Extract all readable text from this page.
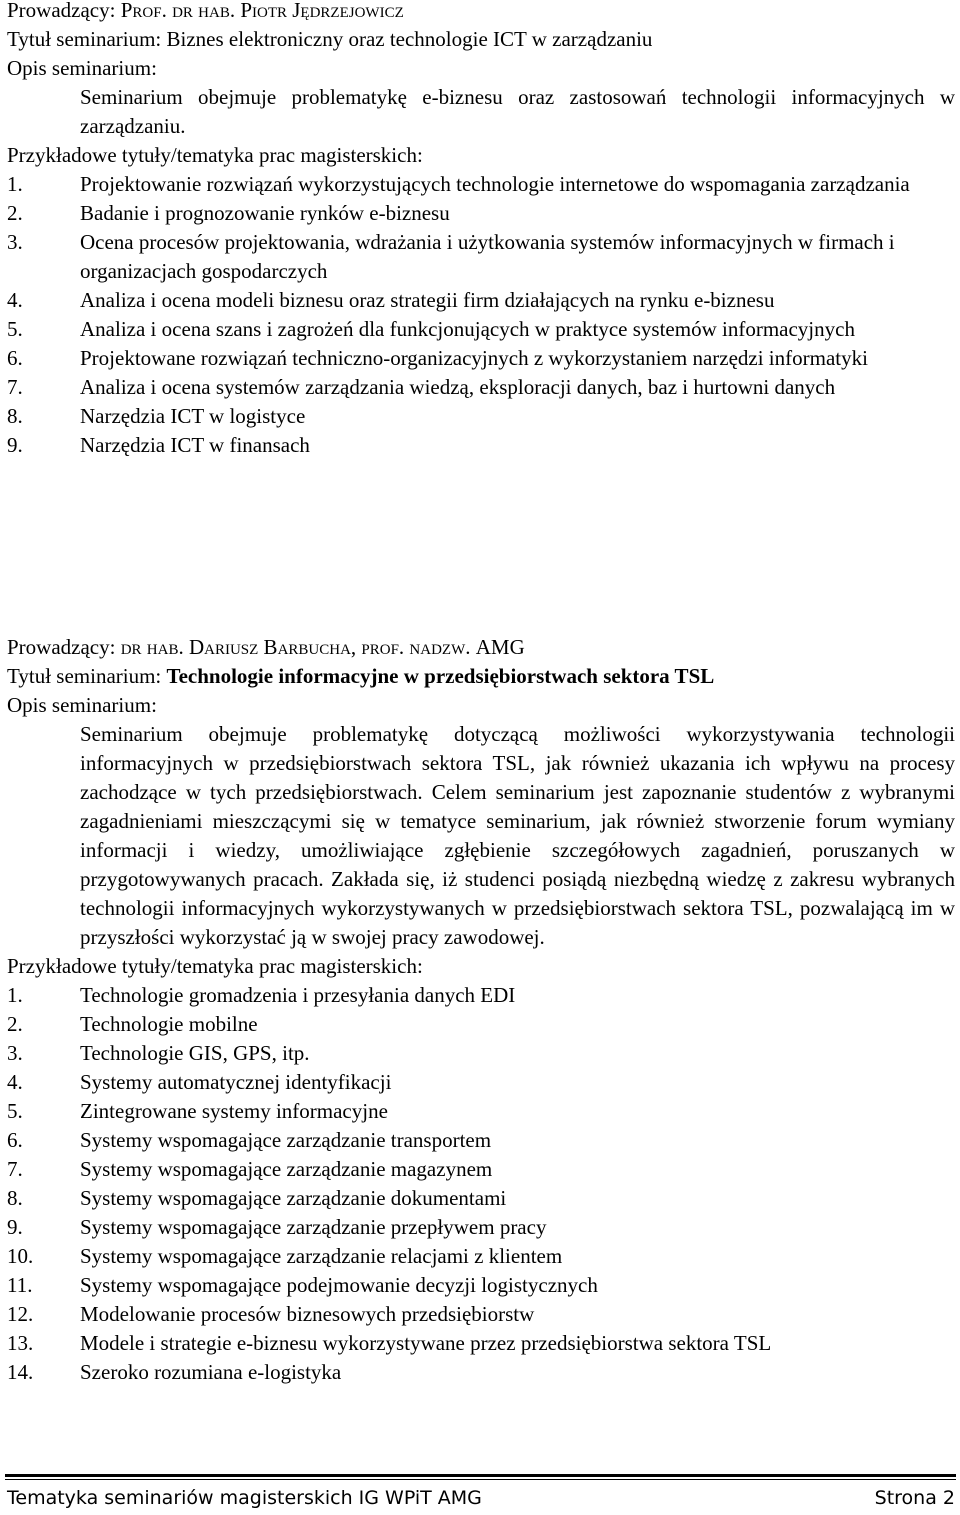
Prowadzący: Prof. dr hab. Piotr Jędrzejowicz
Tytuł seminarium: Biznes elektroniczny oraz technologie ICT w zarządzaniu
Opis seminarium:
Seminarium obejmuje problematykę e-biznesu oraz zastosowań technologii informacyjnych w zarządzaniu.
Przykładowe tytuły/tematyka prac magisterskich:
1.	Projektowanie rozwiązań wykorzystujących technologie internetowe do wspomagania zarządzania
2.	Badanie i prognozowanie rynków e-biznesu
3.	Ocena procesów projektowania, wdrażania i użytkowania systemów informacyjnych w firmach i organizacjach gospodarczych
4.	Analiza i ocena modeli biznesu oraz strategii firm działających na rynku e-biznesu
5.	Analiza i ocena szans i zagrożeń dla funkcjonujących w praktyce systemów informacyjnych
6.	Projektowane rozwiązań techniczno-organizacyjnych z wykorzystaniem narzędzi informatyki
7.	Analiza i ocena systemów zarządzania wiedzą, eksploracji danych, baz i hurtowni danych
8.	Narzędzia ICT w logistyce
9.	Narzędzia ICT w finansach
Prowadzący: dr hab. Dariusz Barbucha, prof. nadzw. AMG
Tytuł seminarium: Technologie informacyjne w przedsiębiorstwach sektora TSL
Opis seminarium:
Seminarium obejmuje problematykę dotyczącą możliwości wykorzystywania technologii informacyjnych w przedsiębiorstwach sektora TSL, jak również ukazania ich wpływu na procesy zachodzące w tych przedsiębiorstwach. Celem seminarium jest zapoznanie studentów z wybranymi zagadnieniami mieszczącymi się w tematyce seminarium, jak również stworzenie forum wymiany informacji i wiedzy, umożliwiające zgłębienie szczegółowych zagadnień, poruszanych w przygotowywanych pracach. Zakłada się, iż studenci posiądą niezbędną wiedzę z zakresu wybranych technologii informacyjnych wykorzystywanych w przedsiębiorstwach sektora TSL, pozwalającą im w przyszłości wykorzystać ją w swojej pracy zawodowej.
Przykładowe tytuły/tematyka prac magisterskich:
1.	Technologie gromadzenia i przesyłania danych EDI
2.	Technologie mobilne
3.	Technologie GIS, GPS, itp.
4.	Systemy automatycznej identyfikacji
5.	Zintegrowane systemy informacyjne
6.	Systemy wspomagające zarządzanie transportem
7.	Systemy wspomagające zarządzanie magazynem
8.	Systemy wspomagające zarządzanie dokumentami
9.	Systemy wspomagające zarządzanie przepływem pracy
10.	Systemy wspomagające zarządzanie relacjami z klientem
11.	Systemy wspomagające podejmowanie decyzji logistycznych
12.	Modelowanie procesów biznesowych przedsiębiorstw
13.	Modele i strategie e-biznesu wykorzystywane przez przedsiębiorstwa sektora TSL
14.	Szeroko rozumiana e-logistyka
Tematyka seminariów magisterskich IG WPiT AMG	Strona 2
